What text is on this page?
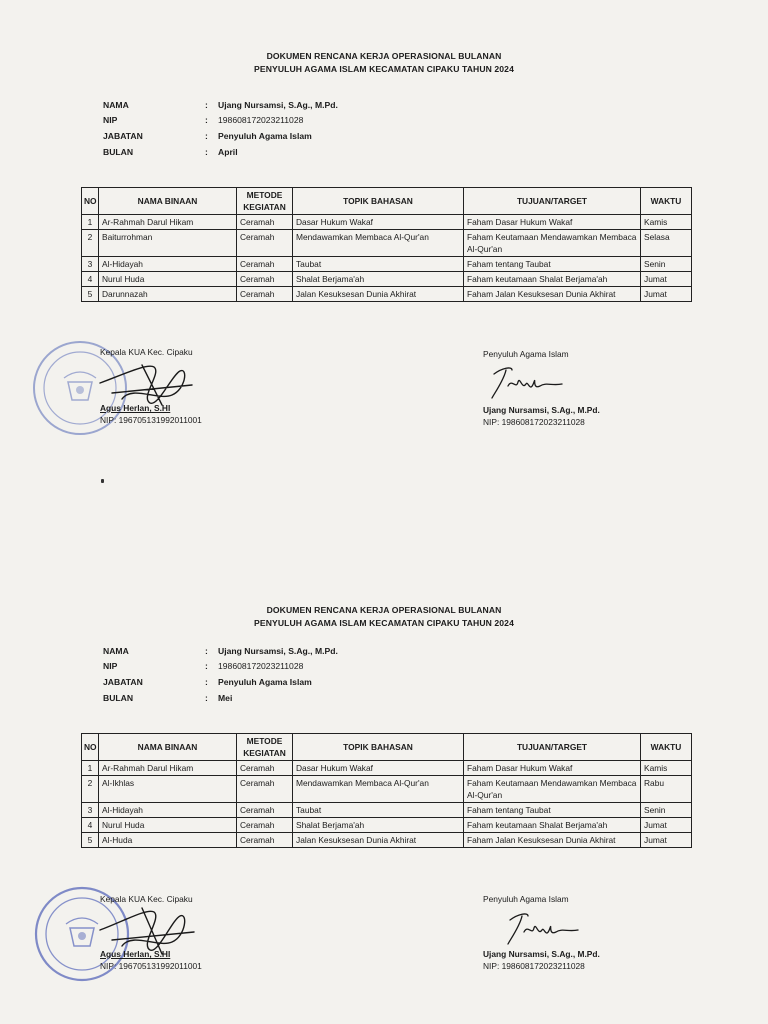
DOKUMEN RENCANA KERJA OPERASIONAL BULANAN
PENYULUH AGAMA ISLAM KECAMATAN CIPAKU TAHUN 2024
NAMA	: Ujang Nursamsi, S.Ag., M.Pd.
NIP	: 198608172023211028
JABATAN	: Penyuluh Agama Islam
BULAN	: April
NO	NAMA BINAAN	METODE KEGIATAN	TOPIK BAHASAN	TUJUAN/TARGET	WAKTU
1	Ar-Rahmah Darul Hikam	Ceramah	Dasar Hukum Wakaf	Faham Dasar Hukum Wakaf	Kamis
2	Baiturrohman	Ceramah	Mendawamkan Membaca Al-Qur'an	Faham Keutamaan Mendawamkan Membaca Al-Qur'an	Selasa
3	Al-Hidayah	Ceramah	Taubat	Faham tentang Taubat	Senin
4	Nurul Huda	Ceramah	Shalat Berjama'ah	Faham keutamaan Shalat Berjama'ah	Jumat
5	Darunnazah	Ceramah	Jalan Kesuksesan Dunia Akhirat	Faham Jalan Kesuksesan Dunia Akhirat	Jumat
Kepala KUA Kec. Cipaku
Agus Herlan, S.HI
NIP: 196705131992011001
Penyuluh Agama Islam
Ujang Nursamsi, S.Ag., M.Pd.
NIP: 198608172023211028
DOKUMEN RENCANA KERJA OPERASIONAL BULANAN
PENYULUH AGAMA ISLAM KECAMATAN CIPAKU TAHUN 2024
NAMA	: Ujang Nursamsi, S.Ag., M.Pd.
NIP	: 198608172023211028
JABATAN	: Penyuluh Agama Islam
BULAN	: Mei
NO	NAMA BINAAN	METODE KEGIATAN	TOPIK BAHASAN	TUJUAN/TARGET	WAKTU
1	Ar-Rahmah Darul Hikam	Ceramah	Dasar Hukum Wakaf	Faham Dasar Hukum Wakaf	Kamis
2	Al-Ikhlas	Ceramah	Mendawamkan Membaca Al-Qur'an	Faham Keutamaan Mendawamkan Membaca Al-Qur'an	Rabu
3	Al-Hidayah	Ceramah	Taubat	Faham tentang Taubat	Senin
4	Nurul Huda	Ceramah	Shalat Berjama'ah	Faham keutamaan Shalat Berjama'ah	Jumat
5	Al-Huda	Ceramah	Jalan Kesuksesan Dunia Akhirat	Faham Jalan Kesuksesan Dunia Akhirat	Jumat
Kepala KUA Kec. Cipaku
Agus Herlan, S.HI
NIP: 196705131992011001
Penyuluh Agama Islam
Ujang Nursamsi, S.Ag., M.Pd.
NIP: 198608172023211028
